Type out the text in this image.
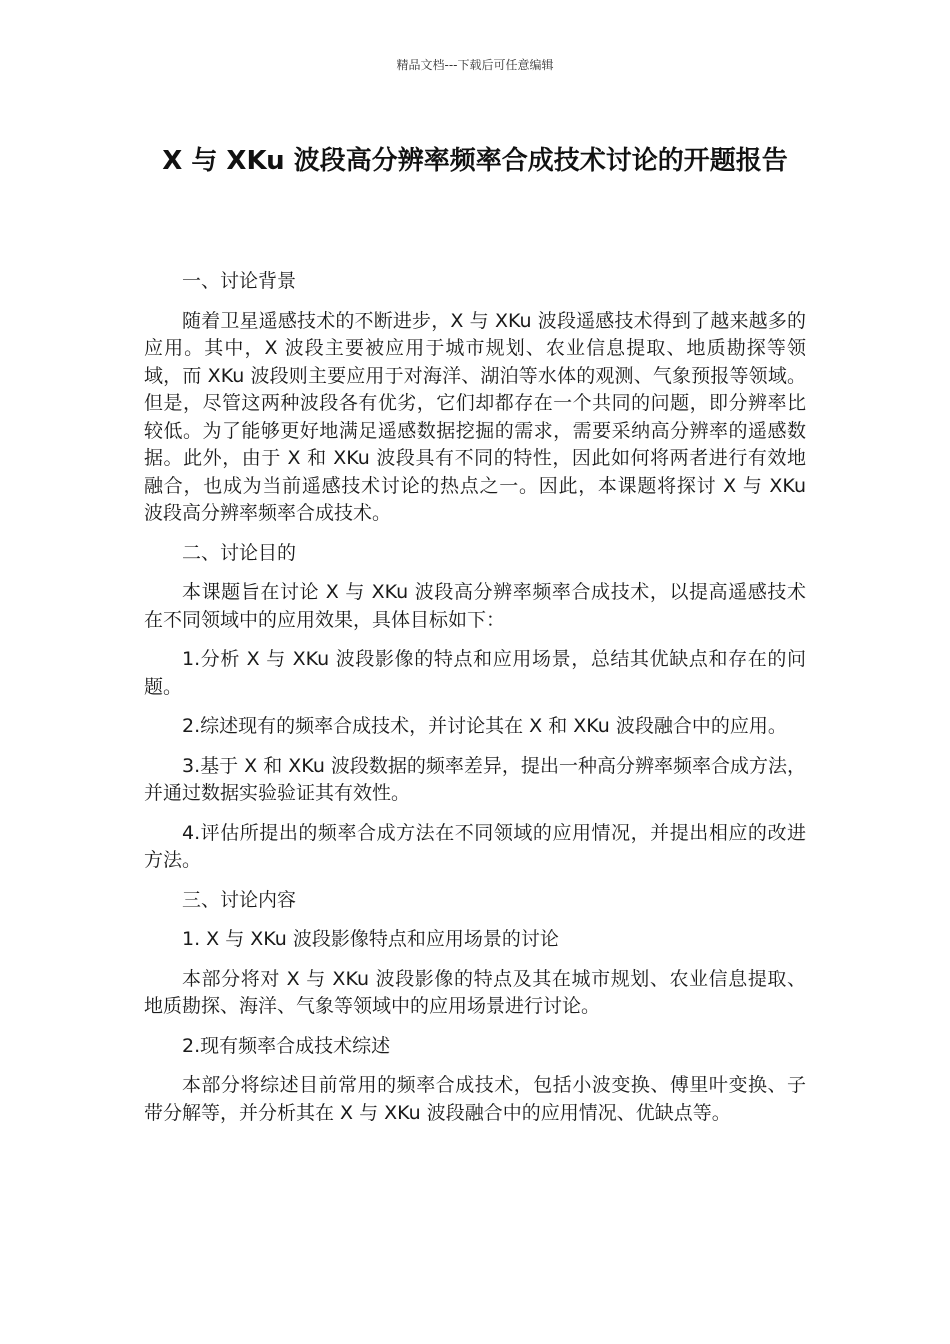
精品文档---下载后可任意编辑
X 与 XKu 波段高分辨率频率合成技术讨论的开题报告

一、讨论背景

随着卫星遥感技术的不断进步，X 与 XKu 波段遥感技术得到了越来越多的应用。其中，X 波段主要被应用于城市规划、农业信息提取、地质勘探等领域，而 XKu 波段则主要应用于对海洋、湖泊等水体的观测、气象预报等领域。但是，尽管这两种波段各有优劣，它们却都存在一个共同的问题，即分辨率比较低。为了能够更好地满足遥感数据挖掘的需求，需要采纳高分辨率的遥感数据。此外，由于 X 和 XKu 波段具有不同的特性，因此如何将两者进行有效地融合，也成为当前遥感技术讨论的热点之一。因此，本课题将探讨 X 与 XKu 波段高分辨率频率合成技术。

二、讨论目的

本课题旨在讨论 X 与 XKu 波段高分辨率频率合成技术，以提高遥感技术在不同领域中的应用效果，具体目标如下：

1.分析 X 与 XKu 波段影像的特点和应用场景，总结其优缺点和存在的问题。

2.综述现有的频率合成技术，并讨论其在 X 和 XKu 波段融合中的应用。

3.基于 X 和 XKu 波段数据的频率差异，提出一种高分辨率频率合成方法，并通过数据实验验证其有效性。

4.评估所提出的频率合成方法在不同领域的应用情况，并提出相应的改进方法。

三、讨论内容

1. X 与 XKu 波段影像特点和应用场景的讨论

本部分将对 X 与 XKu 波段影像的特点及其在城市规划、农业信息提取、地质勘探、海洋、气象等领域中的应用场景进行讨论。

2.现有频率合成技术综述

本部分将综述目前常用的频率合成技术，包括小波变换、傅里叶变换、子带分解等，并分析其在 X 与 XKu 波段融合中的应用情况、优缺点等。
